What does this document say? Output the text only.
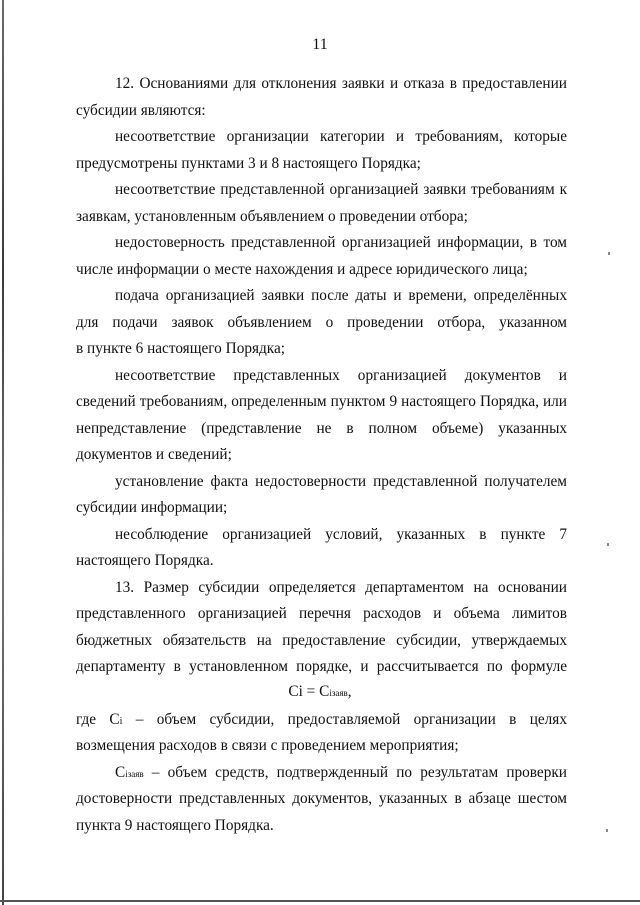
11
12. Основаниями для отклонения заявки и отказа в предоставлении
субсидии являются:
несоответствие организации категории и требованиям, которые
предусмотрены пунктами 3 и 8 настоящего Порядка;
несоответствие представленной организацией заявки требованиям к
заявкам, установленным объявлением о проведении отбора;
недостоверность представленной организацией информации, в том
числе информации о месте нахождения и адресе юридического лица;
подача организацией заявки после даты и времени, определённых
для подачи заявок объявлением о проведении отбора, указанном
в пункте 6 настоящего Порядка;
несоответствие представленных организацией документов и
сведений требованиям, определенным пунктом 9 настоящего Порядка, или
непредставление (представление не в полном объеме) указанных
документов и сведений;
установление факта недостоверности представленной получателем
субсидии информации;
несоблюдение организацией условий, указанных в пункте 7
настоящего Порядка.
13. Размер субсидии определяется департаментом на основании
представленного организацией перечня расходов и объема лимитов
бюджетных обязательств на предоставление субсидии, утверждаемых
департаменту в установленном порядке, и рассчитывается по формуле
Ci = Ciзаяв,
где Ci – объем субсидии, предоставляемой организации в целях
возмещения расходов в связи с проведением мероприятия;
Ciзаяв – объем средств, подтвержденный по результатам проверки
достоверности представленных документов, указанных в абзаце шестом
пункта 9 настоящего Порядка.
